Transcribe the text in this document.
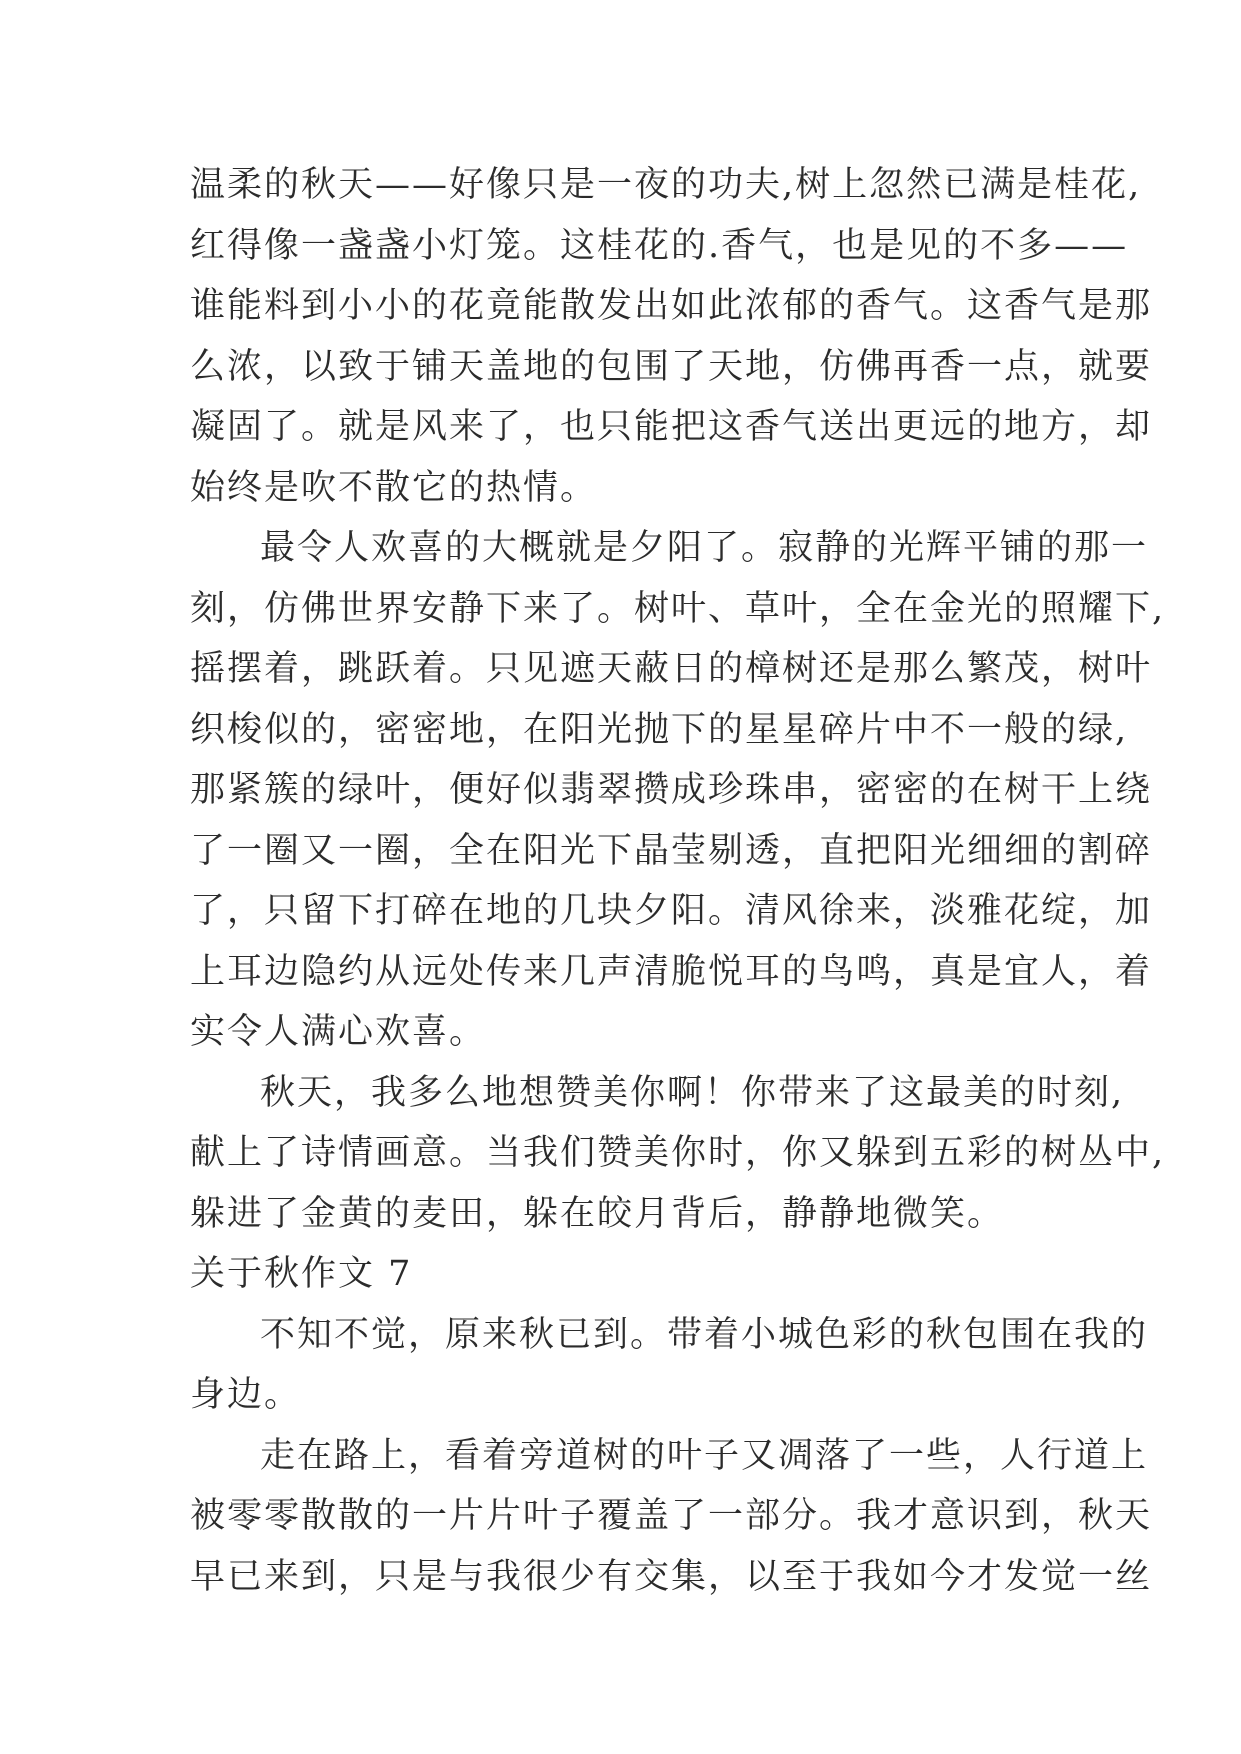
温柔的秋天——好像只是一夜的功夫,树上忽然已满是桂花,
红得像一盏盏小灯笼。这桂花的.香气，也是见的不多——
谁能料到小小的花竟能散发出如此浓郁的香气。这香气是那
么浓，以致于铺天盖地的包围了天地，仿佛再香一点，就要
凝固了。就是风来了，也只能把这香气送出更远的地方，却
始终是吹不散它的热情。
最令人欢喜的大概就是夕阳了。寂静的光辉平铺的那一
刻，仿佛世界安静下来了。树叶、草叶，全在金光的照耀下,
摇摆着，跳跃着。只见遮天蔽日的樟树还是那么繁茂，树叶
织梭似的，密密地，在阳光抛下的星星碎片中不一般的绿,
那紧簇的绿叶，便好似翡翠攒成珍珠串，密密的在树干上绕
了一圈又一圈，全在阳光下晶莹剔透，直把阳光细细的割碎
了，只留下打碎在地的几块夕阳。清风徐来，淡雅花绽，加
上耳边隐约从远处传来几声清脆悦耳的鸟鸣，真是宜人，着
实令人满心欢喜。
秋天，我多么地想赞美你啊！你带来了这最美的时刻,
献上了诗情画意。当我们赞美你时，你又躲到五彩的树丛中,
躲进了金黄的麦田，躲在皎月背后，静静地微笑。
关于秋作文 7
不知不觉，原来秋已到。带着小城色彩的秋包围在我的
身边。
走在路上，看着旁道树的叶子又凋落了一些，人行道上
被零零散散的一片片叶子覆盖了一部分。我才意识到，秋天
早已来到，只是与我很少有交集，以至于我如今才发觉一丝
